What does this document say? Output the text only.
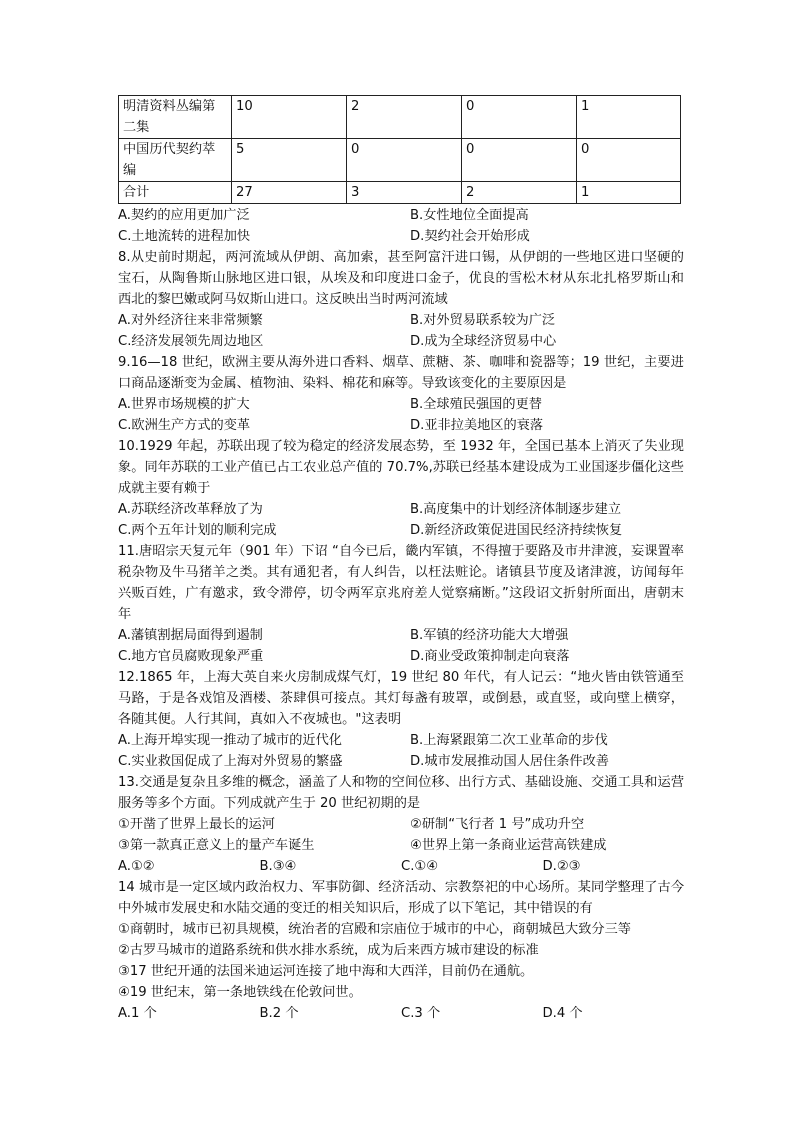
明清资料丛编第二集	10	2	0	1
中国历代契约萃编	5	0	0	0
合计	27	3	2	1
A.契约的应用更加广泛	B.女性地位全面提高
C.土地流转的进程加快	D.契约社会开始形成

8.从史前时期起，两河流域从伊朗、高加索，甚至阿富汗进口锡，从伊朗的一些地区进口坚硬的宝石，从陶鲁斯山脉地区进口银，从埃及和印度进口金子，优良的雪松木材从东北扎格罗斯山和西北的黎巴嫩或阿马奴斯山进口。这反映出当时两河流域

A.对外经济往来非常频繁	B.对外贸易联系较为广泛
C.经济发展领先周边地区	D.成为全球经济贸易中心

9.16—18 世纪，欧洲主要从海外进口香料、烟草、蔗糖、茶、咖啡和瓷器等；19 世纪，主要进口商品逐渐变为金属、植物油、染料、棉花和麻等。导致该变化的主要原因是

A.世界市场规模的扩大	B.全球殖民强国的更替
C.欧洲生产方式的变革	D.亚非拉美地区的衰落

10.1929 年起，苏联出现了较为稳定的经济发展态势，至 1932 年，全国已基本上消灭了失业现象。同年苏联的工业产值已占工农业总产值的 70.7%,苏联已经基本建设成为工业国逐步僵化这些成就主要有赖于

A.苏联经济改革释放了为	B.高度集中的计划经济体制逐步建立
C.两个五年计划的顺利完成	D.新经济政策促进国民经济持续恢复

11.唐昭宗天复元年（901 年）下诏 “自今已后，畿内军镇，不得擅于要路及市井津渡，妄课置率税杂物及牛马猪羊之类。其有通犯者，有人纠告，以枉法赃论。诸镇县节度及诸津渡，访闻每年兴贩百姓，广有邀求，致令滞停，切令两军京兆府差人觉察痛断。”这段诏文折射所面出，唐朝末年

A.藩镇割据局面得到遏制	B.军镇的经济功能大大增强
C.地方官员腐败现象严重	D.商业受政策抑制走向衰落

12.1865 年，上海大英自来火房制成煤气灯，19 世纪 80 年代，有人记云：“地火皆由铁管通至马路，于是各戏馆及酒楼、茶肆俱可接点。其灯每盏有玻罩，或倒悬，或直竖，或向壁上横穿，各随其便。人行其间，真如入不夜城也。"这表明

A.上海开埠实现一推动了城市的近代化	B.上海紧跟第二次工业革命的步伐
C.实业救国促成了上海对外贸易的繁盛	D.城市发展推动国人居住条件改善

13.交通是复杂且多维的概念，涵盖了人和物的空间位移、出行方式、基础设施、交通工具和运营服务等多个方面。下列成就产生于 20 世纪初期的是

①开凿了世界上最长的运河	②研制“飞行者 1 号”成功升空
③第一款真正意义上的量产车诞生	④世界上第一条商业运营高铁建成
A.①②	B.③④	C.①④	D.②③

14 城市是一定区域内政治权力、军事防御、经济活动、宗教祭祀的中心场所。某同学整理了古今中外城市发展史和水陆交通的变迁的相关知识后，形成了以下笔记，其中错误的有

①商朝时，城市已初具规模，统治者的宫殿和宗庙位于城市的中心，商朝城邑大致分三等

②古罗马城市的道路系统和供水排水系统，成为后来西方城市建设的标准

③17 世纪开通的法国米迪运河连接了地中海和大西洋，目前仍在通航。

④19 世纪末，第一条地铁线在伦敦问世。

A.1 个	B.2 个	C.3 个	D.4 个
